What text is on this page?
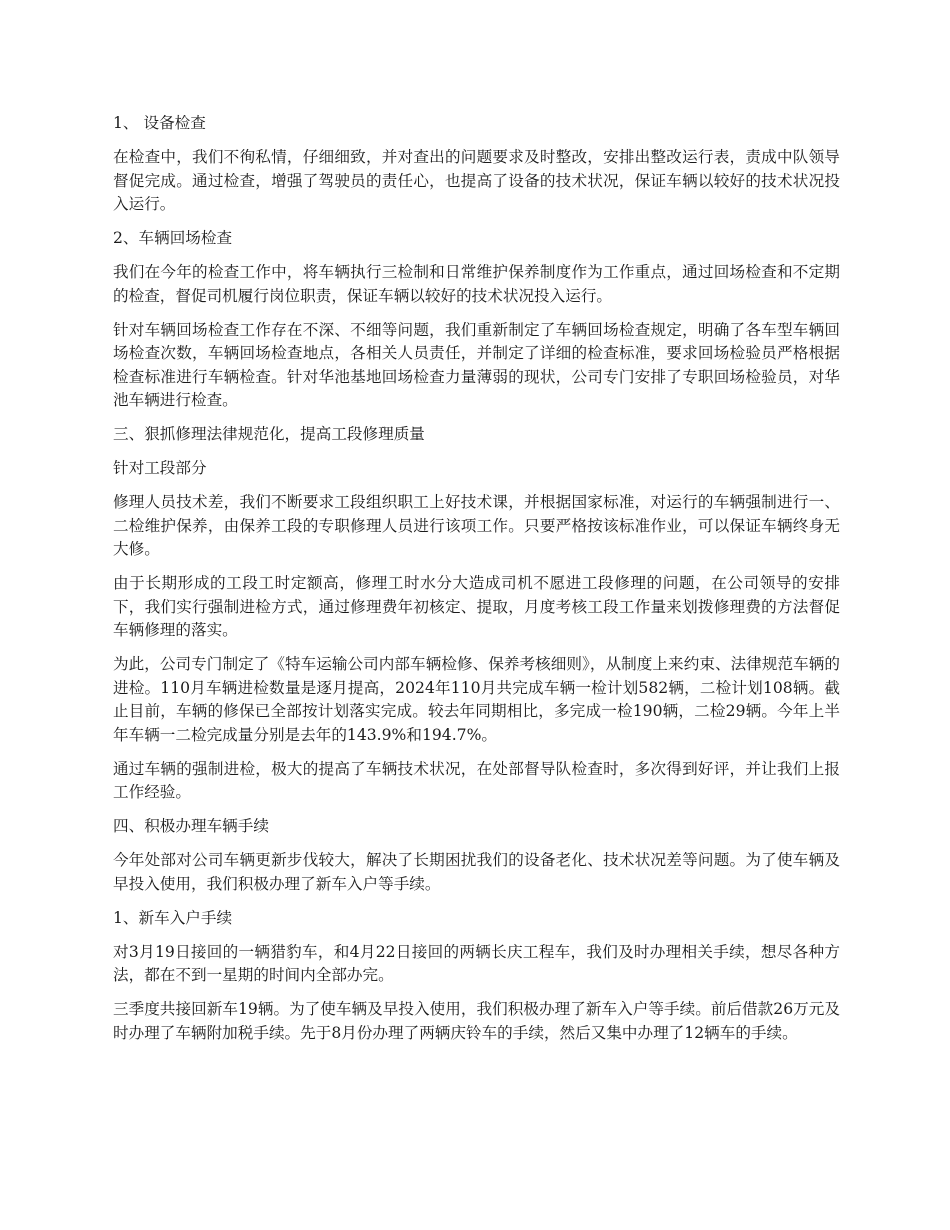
1、 设备检查

在检查中，我们不徇私情，仔细细致，并对查出的问题要求及时整改，安排出整改运行表，责成中队领导督促完成。通过检查，增强了驾驶员的责任心，也提高了设备的技术状况，保证车辆以较好的技术状况投入运行。

2、车辆回场检查

我们在今年的检查工作中，将车辆执行三检制和日常维护保养制度作为工作重点，通过回场检查和不定期的检查，督促司机履行岗位职责，保证车辆以较好的技术状况投入运行。

针对车辆回场检查工作存在不深、不细等问题，我们重新制定了车辆回场检查规定，明确了各车型车辆回场检查次数，车辆回场检查地点，各相关人员责任，并制定了详细的检查标准，要求回场检验员严格根据检查标准进行车辆检查。针对华池基地回场检查力量薄弱的现状，公司专门安排了专职回场检验员，对华池车辆进行检查。

三、狠抓修理法律规范化，提高工段修理质量

针对工段部分

修理人员技术差，我们不断要求工段组织职工上好技术课，并根据国家标准，对运行的车辆强制进行一、二检维护保养，由保养工段的专职修理人员进行该项工作。只要严格按该标准作业，可以保证车辆终身无大修。

由于长期形成的工段工时定额高，修理工时水分大造成司机不愿进工段修理的问题，在公司领导的安排下，我们实行强制进检方式，通过修理费年初核定、提取，月度考核工段工作量来划拨修理费的方法督促车辆修理的落实。

为此，公司专门制定了《特车运输公司内部车辆检修、保养考核细则》，从制度上来约束、法律规范车辆的进检。110月车辆进检数量是逐月提高，2024年110月共完成车辆一检计划582辆，二检计划108辆。截止目前，车辆的修保已全部按计划落实完成。较去年同期相比，多完成一检190辆，二检29辆。今年上半年车辆一二检完成量分别是去年的143.9%和194.7%。

通过车辆的强制进检，极大的提高了车辆技术状况，在处部督导队检查时，多次得到好评，并让我们上报工作经验。

四、积极办理车辆手续

今年处部对公司车辆更新步伐较大，解决了长期困扰我们的设备老化、技术状况差等问题。为了使车辆及早投入使用，我们积极办理了新车入户等手续。

1、新车入户手续

对3月19日接回的一辆猎豹车，和4月22日接回的两辆长庆工程车，我们及时办理相关手续，想尽各种方法，都在不到一星期的时间内全部办完。

三季度共接回新车19辆。为了使车辆及早投入使用，我们积极办理了新车入户等手续。前后借款26万元及时办理了车辆附加税手续。先于8月份办理了两辆庆铃车的手续，然后又集中办理了12辆车的手续。
